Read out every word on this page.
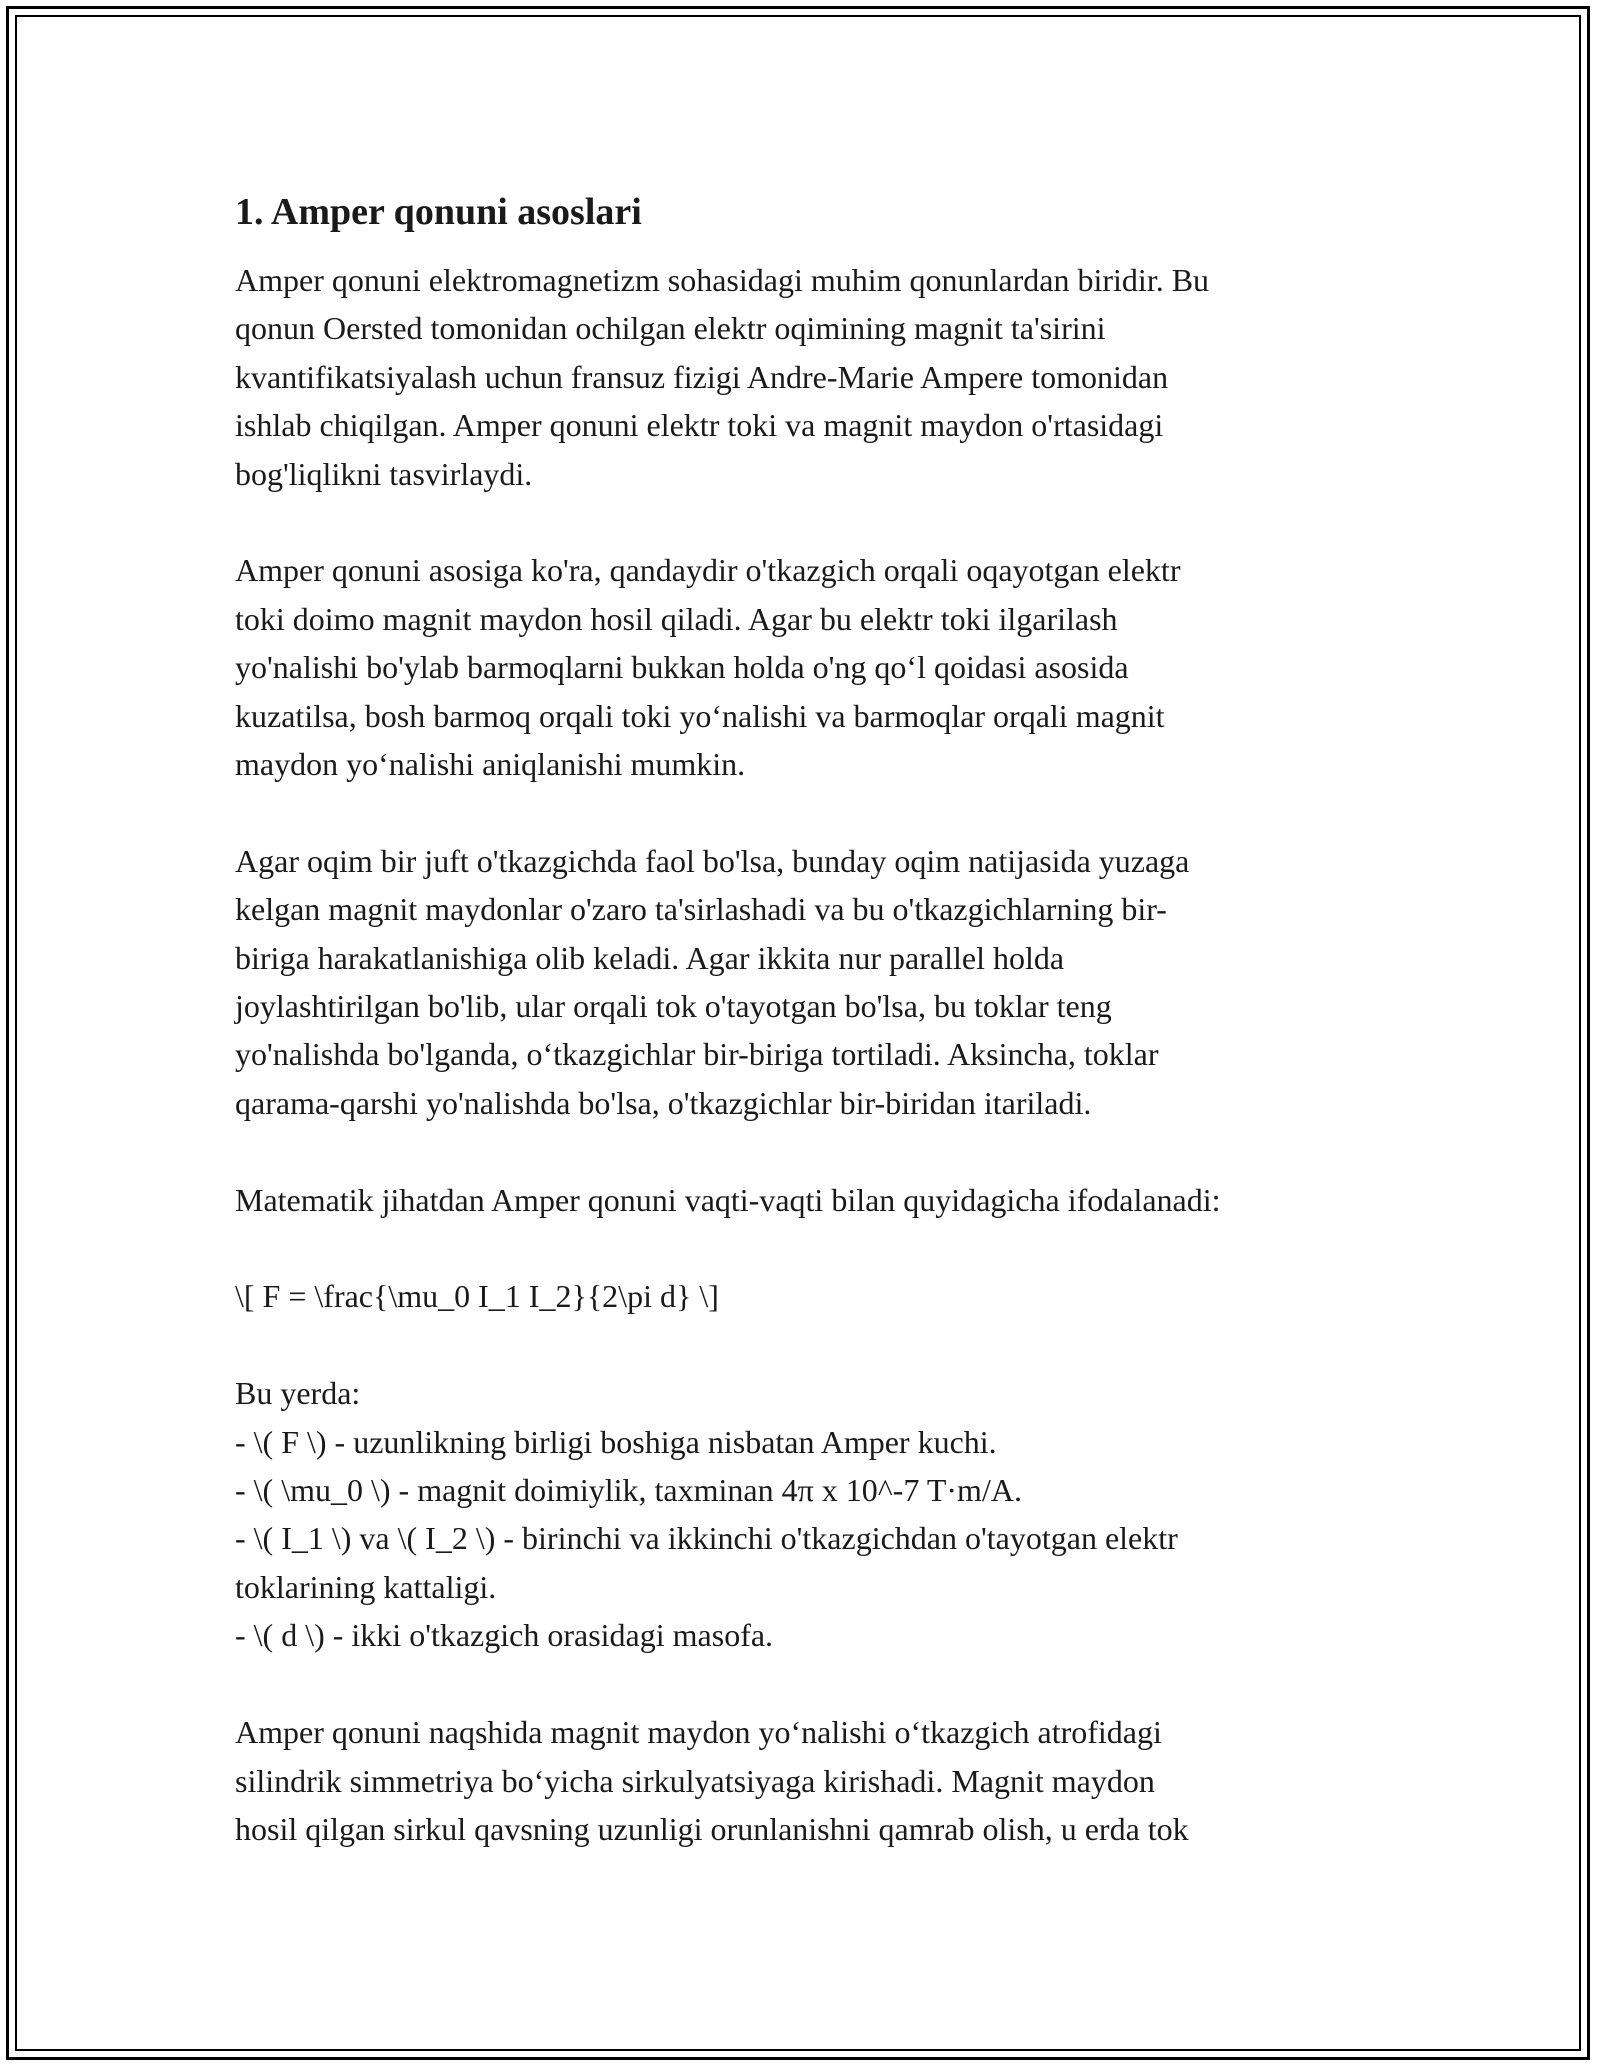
1. Amper qonuni asoslari

Amper qonuni elektromagnetizm sohasidagi muhim qonunlardan biridir. Bu
qonun Oersted tomonidan ochilgan elektr oqimining magnit ta'sirini
kvantifikatsiyalash uchun fransuz fizigi Andre-Marie Ampere tomonidan
ishlab chiqilgan. Amper qonuni elektr toki va magnit maydon o'rtasidagi
bog'liqlikni tasvirlaydi.

Amper qonuni asosiga ko'ra, qandaydir o'tkazgich orqali oqayotgan elektr
toki doimo magnit maydon hosil qiladi. Agar bu elektr toki ilgarilash
yo'nalishi bo'ylab barmoqlarni bukkan holda o'ng qo‘l qoidasi asosida
kuzatilsa, bosh barmoq orqali toki yo‘nalishi va barmoqlar orqali magnit
maydon yo‘nalishi aniqlanishi mumkin.

Agar oqim bir juft o'tkazgichda faol bo'lsa, bunday oqim natijasida yuzaga
kelgan magnit maydonlar o'zaro ta'sirlashadi va bu o'tkazgichlarning bir-
biriga harakatlanishiga olib keladi. Agar ikkita nur parallel holda
joylashtirilgan bo'lib, ular orqali tok o'tayotgan bo'lsa, bu toklar teng
yo'nalishda bo'lganda, o‘tkazgichlar bir-biriga tortiladi. Aksincha, toklar
qarama-qarshi yo'nalishda bo'lsa, o'tkazgichlar bir-biridan itariladi.

Matematik jihatdan Amper qonuni vaqti-vaqti bilan quyidagicha ifodalanadi:

\[ F = \frac{\mu_0 I_1 I_2}{2\pi d} \]

Bu yerda:
- \( F \) - uzunlikning birligi boshiga nisbatan Amper kuchi.
- \( \mu_0 \) - magnit doimiylik, taxminan 4π x 10^-7 T·m/A.
- \( I_1 \) va \( I_2 \) - birinchi va ikkinchi o'tkazgichdan o'tayotgan elektr
toklarining kattaligi.
- \( d \) - ikki o'tkazgich orasidagi masofa.

Amper qonuni naqshida magnit maydon yo‘nalishi o‘tkazgich atrofidagi
silindrik simmetriya bo‘yicha sirkulyatsiyaga kirishadi. Magnit maydon
hosil qilgan sirkul qavsning uzunligi orunlanishni qamrab olish, u erda tok
